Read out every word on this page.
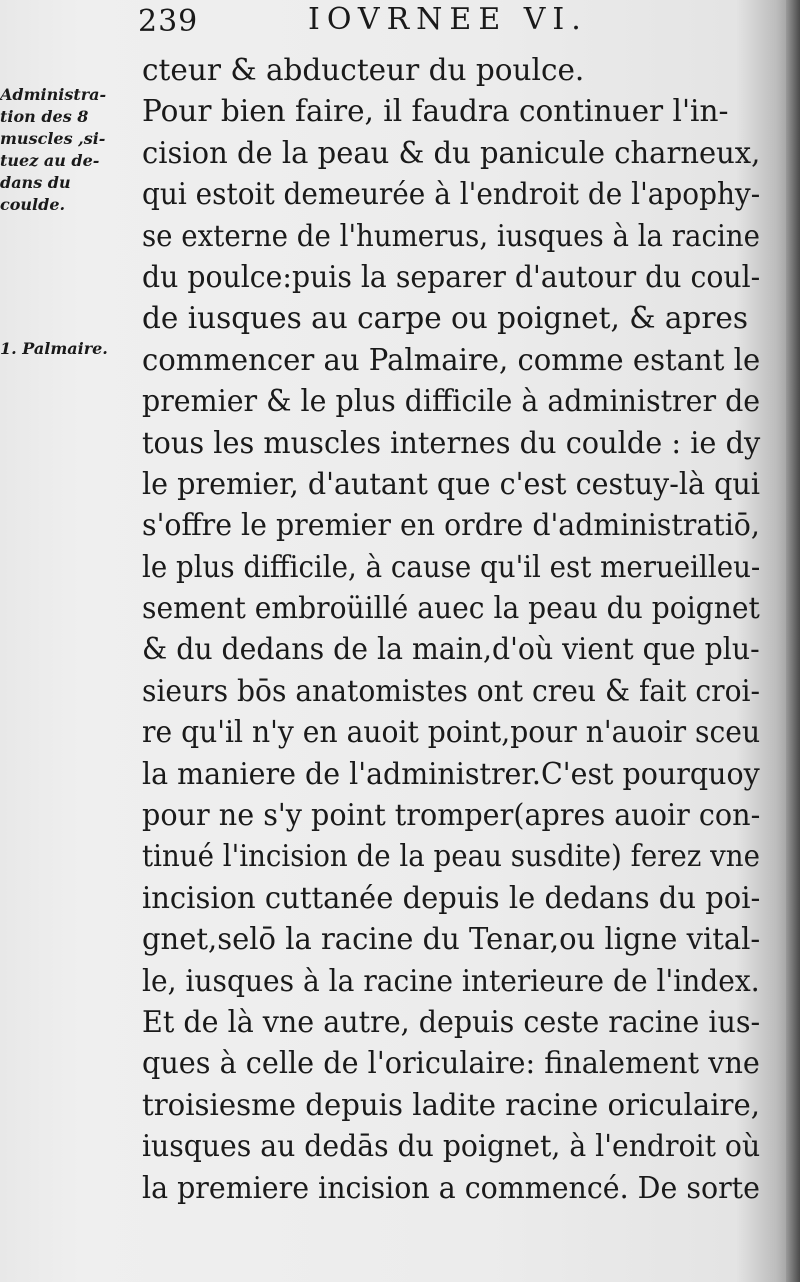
239	IOVRNEE VI.
Administra-
tion des 8
muscles ,si-
tuez au de-
dans du
coulde.
1. Palmaire.
cteur & abducteur du poulce.
Pour bien faire, il faudra continuer l'in-
cision de la peau & du panicule charneux,
qui estoit demeurée à l'endroit de l'apophy-
se externe de l'humerus, iusques à la racine
du poulce:puis la separer d'autour du coul-
de iusques au carpe ou poignet, & apres
commencer au Palmaire, comme estant le
premier & le plus difficile à administrer de
tous les muscles internes du coulde : ie dy
le premier, d'autant que c'est cestuy-là qui
s'offre le premier en ordre d'administratiō,
le plus difficile, à cause qu'il est merueilleu-
sement embroüillé auec la peau du poignet
& du dedans de la main,d'où vient que plu-
sieurs bōs anatomistes ont creu & fait croi-
re qu'il n'y en auoit point,pour n'auoir sceu
la maniere de l'administrer.C'est pourquoy
pour ne s'y point tromper(apres auoir con-
tinué l'incision de la peau susdite) ferez vne
incision cuttanée depuis le dedans du poi-
gnet,selō la racine du Tenar,ou ligne vital-
le, iusques à la racine interieure de l'index.
Et de là vne autre, depuis ceste racine ius-
ques à celle de l'oriculaire: finalement vne
troisiesme depuis ladite racine oriculaire,
iusques au dedās du poignet, à l'endroit où
la premiere incision a commencé. De sorte
